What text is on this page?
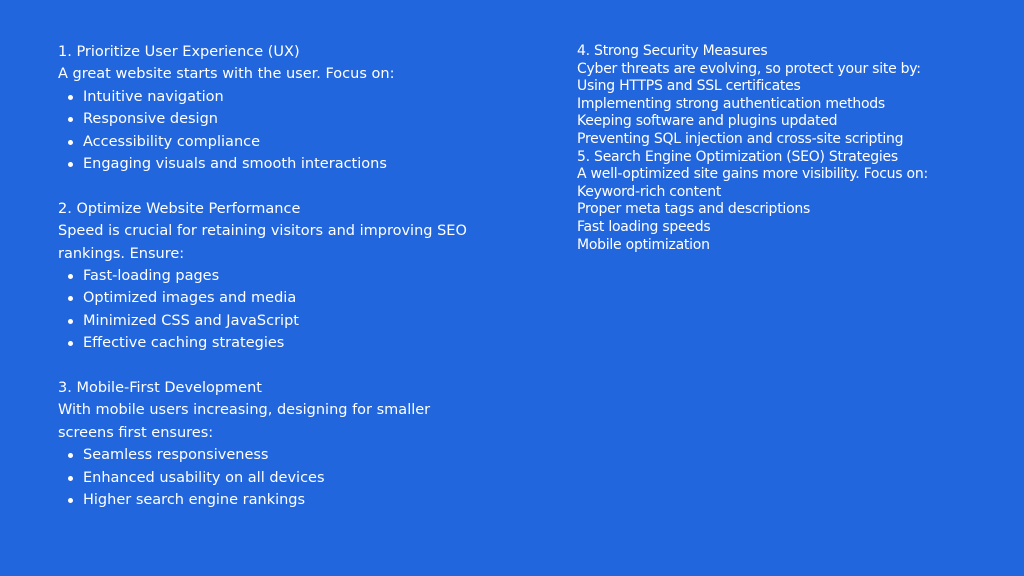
1. Prioritize User Experience (UX)

A great website starts with the user. Focus on:

Intuitive navigation
Responsive design
Accessibility compliance
Engaging visuals and smooth interactions

2. Optimize Website Performance

Speed is crucial for retaining visitors and improving SEO rankings. Ensure:

Fast-loading pages
Optimized images and media
Minimized CSS and JavaScript
Effective caching strategies

3. Mobile-First Development

With mobile users increasing, designing for smaller screens first ensures:

Seamless responsiveness
Enhanced usability on all devices
Higher search engine rankings

4. Strong Security Measures

Cyber threats are evolving, so protect your site by:

Using HTTPS and SSL certificates

Implementing strong authentication methods

Keeping software and plugins updated

Preventing SQL injection and cross-site scripting

5. Search Engine Optimization (SEO) Strategies

A well-optimized site gains more visibility. Focus on:

Keyword-rich content

Proper meta tags and descriptions

Fast loading speeds

Mobile optimization
